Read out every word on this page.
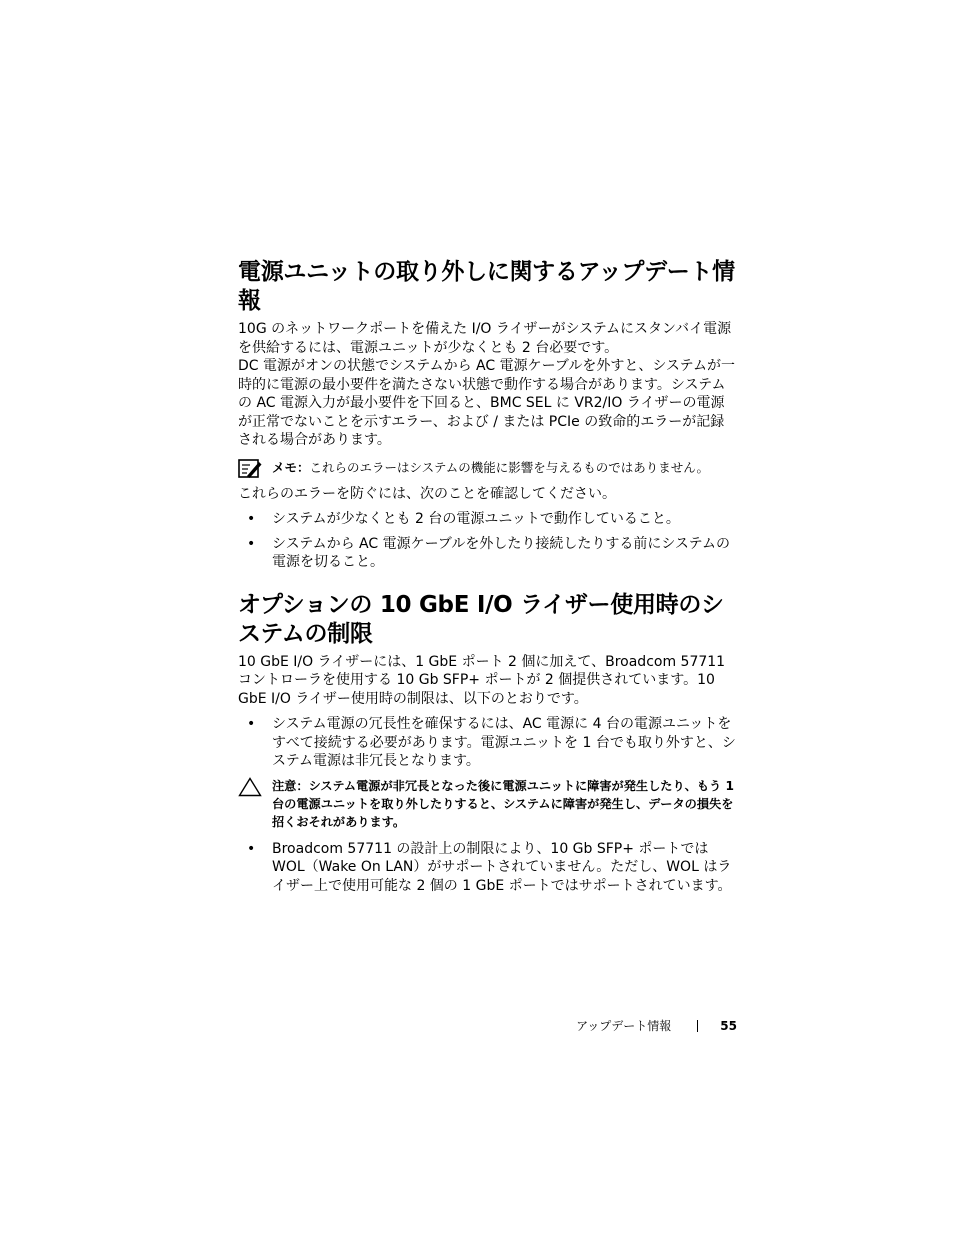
電源ユニットの取り外しに関するアップデート情報

10G のネットワークポートを備えた I/O ライザーがシステムにスタンバイ電源を供給するには、電源ユニットが少なくとも 2 台必要です。

DC 電源がオンの状態でシステムから AC 電源ケーブルを外すと、システムが一時的に電源の最小要件を満たさない状態で動作する場合があります。システムの AC 電源入力が最小要件を下回ると、BMC SEL に VR2/IO ライザーの電源が正常でないことを示すエラー、および / または PCIe の致命的エラーが記録される場合があります。

メモ：これらのエラーはシステムの機能に影響を与えるものではありません。

これらのエラーを防ぐには、次のことを確認してください。

• システムが少なくとも 2 台の電源ユニットで動作していること。
• システムから AC 電源ケーブルを外したり接続したりする前にシステムの電源を切ること。
オプションの 10 GbE I/O ライザー使用時のシステムの制限

10 GbE I/O ライザーには、1 GbE ポート 2 個に加えて、Broadcom 57711 コントローラを使用する 10 Gb SFP+ ポートが 2 個提供されています。10 GbE I/O ライザー使用時の制限は、以下のとおりです。

• システム電源の冗長性を確保するには、AC 電源に 4 台の電源ユニットをすべて接続する必要があります。電源ユニットを 1 台でも取り外すと、システム電源は非冗長となります。
注意：システム電源が非冗長となった後に電源ユニットに障害が発生したり、もう 1 台の電源ユニットを取り外したりすると、システムに障害が発生し、データの損失を招くおそれがあります。
• Broadcom 57711 の設計上の制限により、10 Gb SFP+ ポートでは WOL（Wake On LAN）がサポートされていません。ただし、WOL はライザー上で使用可能な 2 個の 1 GbE ポートではサポートされています。
アップデート情報	55
